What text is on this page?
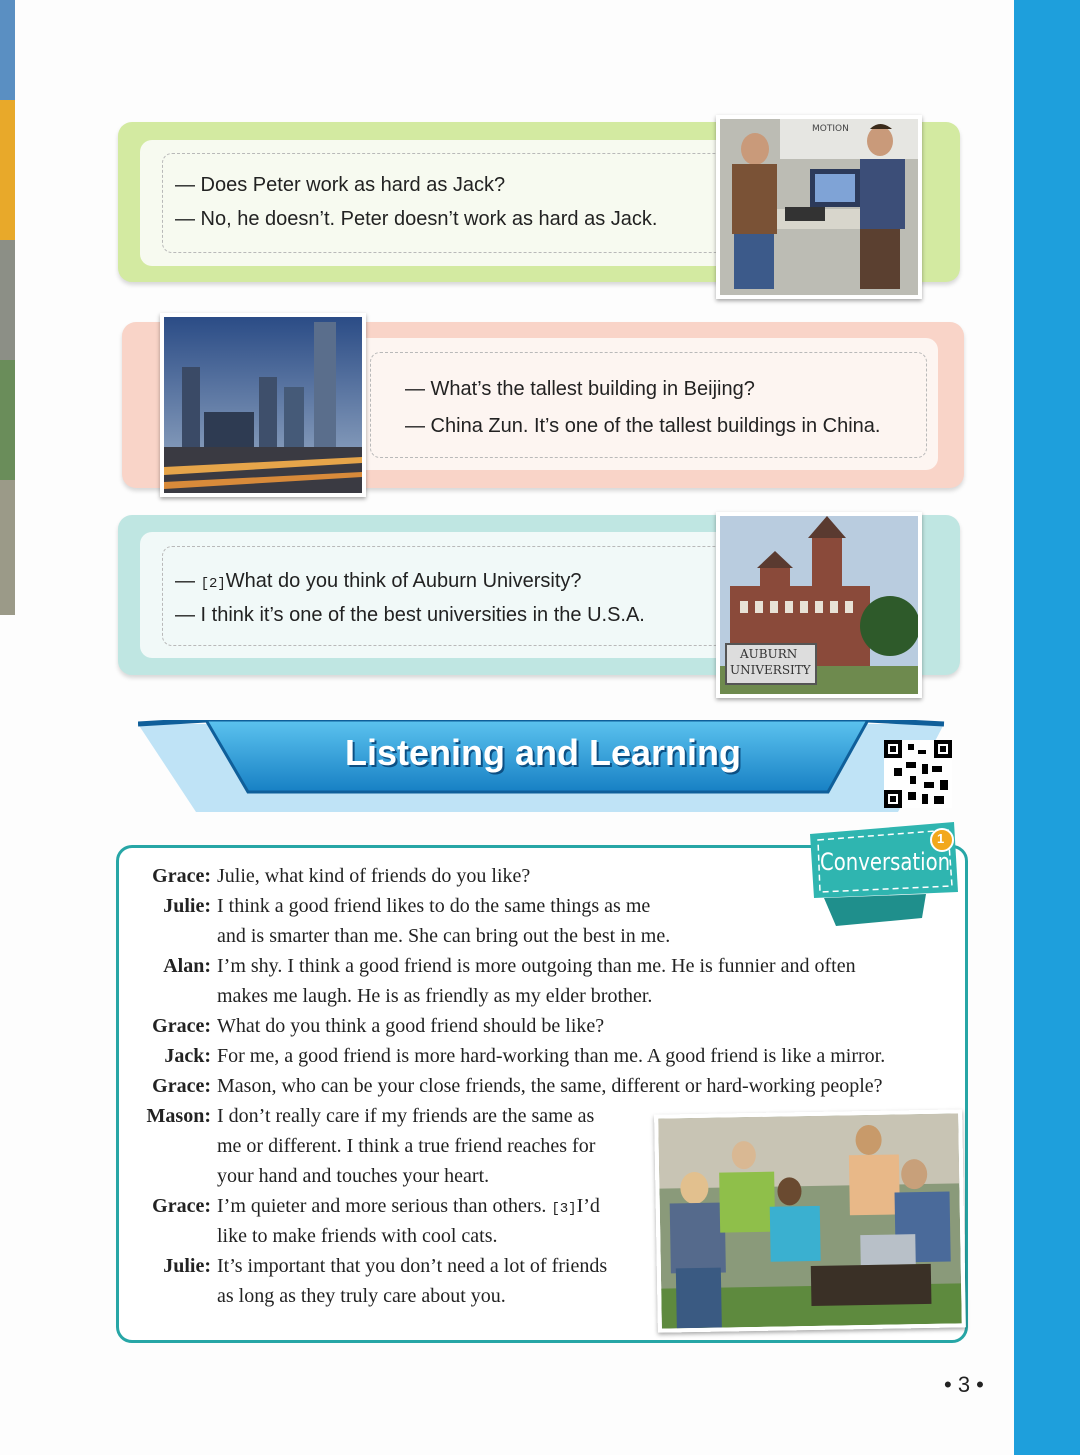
— Does Peter work as hard as Jack?
— No, he doesn’t. Peter doesn’t work as hard as Jack.
MOTION
— What’s the tallest building in Beijing?
— China Zun. It’s one of the tallest buildings in China.
— [2]What do you think of Auburn University?
— I think it’s one of the best universities in the U.S.A.
AUBURN
UNIVERSITY
Listening and Learning
Conversation
1
Grace: Julie, what kind of friends do you like?
Julie: I think a good friend likes to do the same things as me
and is smarter than me. She can bring out the best in me.
Alan: I’m shy. I think a good friend is more outgoing than me. He is funnier and often
makes me laugh. He is as friendly as my elder brother.
Grace: What do you think a good friend should be like?
Jack: For me, a good friend is more hard-working than me. A good friend is like a mirror.
Grace: Mason, who can be your close friends, the same, different or hard-working people?
Mason: I don’t really care if my friends are the same as
me or different. I think a true friend reaches for
your hand and touches your heart.
Grace: I’m quieter and more serious than others. [3]I’d
like to make friends with cool cats.
Julie: It’s important that you don’t need a lot of friends
as long as they truly care about you.
• 3 •
